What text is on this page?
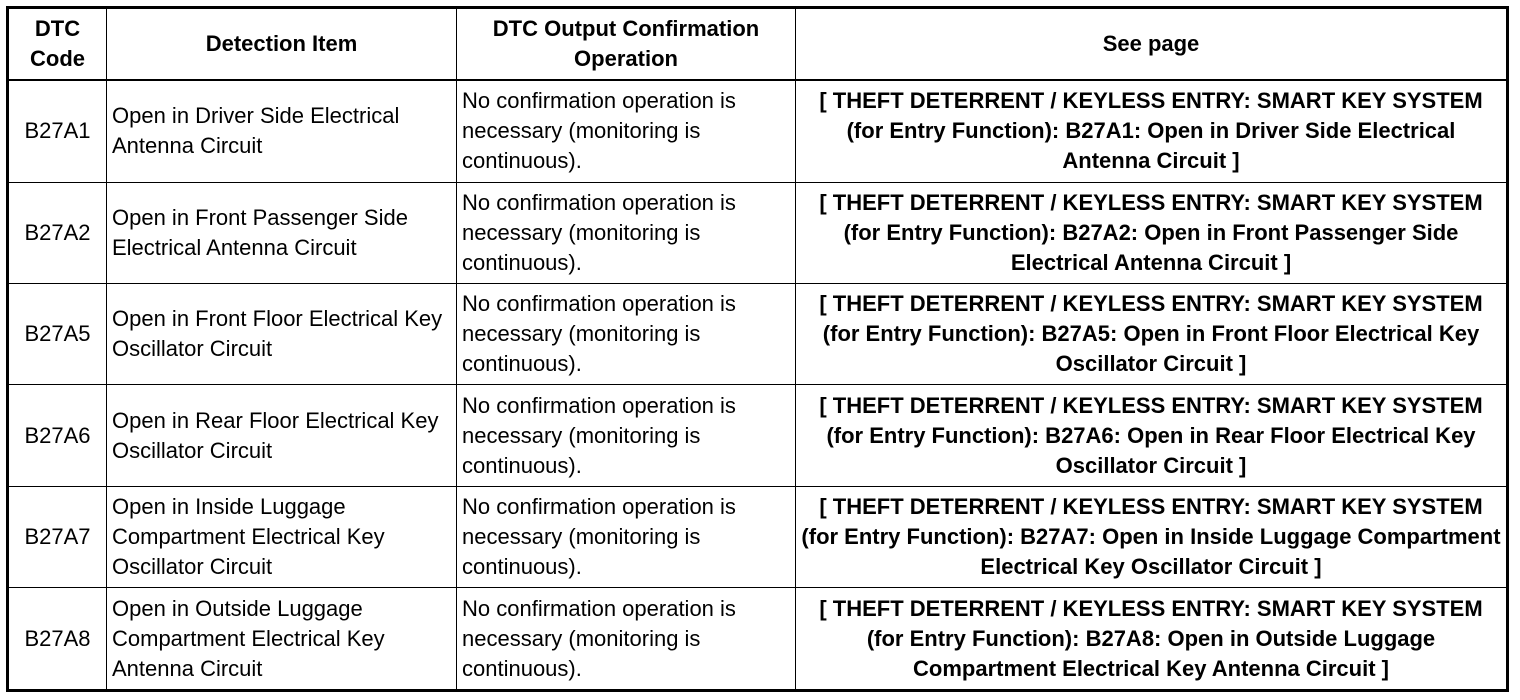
DTC Code	Detection Item	DTC Output Confirmation Operation	See page
B27A1	Open in Driver Side Electrical Antenna Circuit	No confirmation operation is necessary (monitoring is continuous).	[ THEFT DETERRENT / KEYLESS ENTRY: SMART KEY SYSTEM (for Entry Function): B27A1: Open in Driver Side Electrical Antenna Circuit ]
B27A2	Open in Front Passenger Side Electrical Antenna Circuit	No confirmation operation is necessary (monitoring is continuous).	[ THEFT DETERRENT / KEYLESS ENTRY: SMART KEY SYSTEM (for Entry Function): B27A2: Open in Front Passenger Side Electrical Antenna Circuit ]
B27A5	Open in Front Floor Electrical Key Oscillator Circuit	No confirmation operation is necessary (monitoring is continuous).	[ THEFT DETERRENT / KEYLESS ENTRY: SMART KEY SYSTEM (for Entry Function): B27A5: Open in Front Floor Electrical Key Oscillator Circuit ]
B27A6	Open in Rear Floor Electrical Key Oscillator Circuit	No confirmation operation is necessary (monitoring is continuous).	[ THEFT DETERRENT / KEYLESS ENTRY: SMART KEY SYSTEM (for Entry Function): B27A6: Open in Rear Floor Electrical Key Oscillator Circuit ]
B27A7	Open in Inside Luggage Compartment Electrical Key Oscillator Circuit	No confirmation operation is necessary (monitoring is continuous).	[ THEFT DETERRENT / KEYLESS ENTRY: SMART KEY SYSTEM (for Entry Function): B27A7: Open in Inside Luggage Compartment Electrical Key Oscillator Circuit ]
B27A8	Open in Outside Luggage Compartment Electrical Key Antenna Circuit	No confirmation operation is necessary (monitoring is continuous).	[ THEFT DETERRENT / KEYLESS ENTRY: SMART KEY SYSTEM (for Entry Function): B27A8: Open in Outside Luggage Compartment Electrical Key Antenna Circuit ]
